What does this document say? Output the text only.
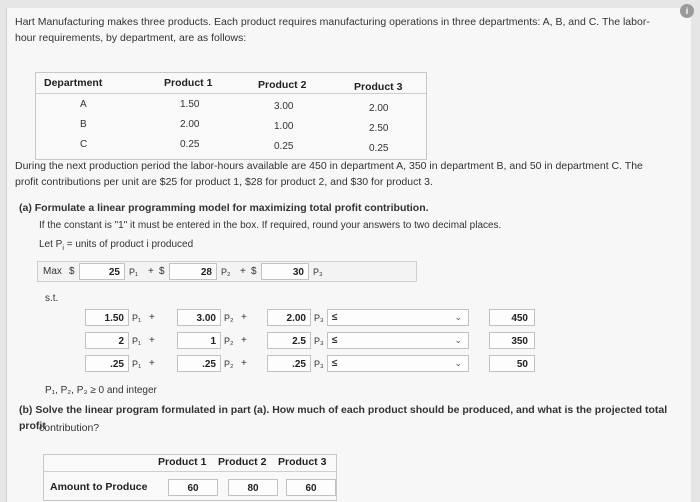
Hart Manufacturing makes three products. Each product requires manufacturing operations in three departments: A, B, and C. The labor-
hour requirements, by department, are as follows:
Department	Product 1	Product 2	Product 3
A	1.50	3.00	2.00
B	2.00	1.00	2.50
C	0.25	0.25	0.25
During the next production period the labor-hours available are 450 in department A, 350 in department B, and 50 in department C. The
profit contributions per unit are $25 for product 1, $28 for product 2, and $30 for product 3.
(a) Formulate a linear programming model for maximizing total profit contribution.
If the constant is "1" it must be entered in the box. If required, round your answers to two decimal places.
Let $P_i$ = units of product i produced
Max $	25	P₁ + $	28	P₂ + $	30	P₃
s.t.
1.50 P₁ +	3.00 P₂ +	2.00 P₃ ≤	⌄	450
2 P₁ +	1 P₂ +	2.5 P₃ ≤	⌄	350
.25 P₁ +	.25 P₂ +	.25 P₃ ≤	⌄	50
P₁, P₂, P₃ ≥ 0 and integer
(b) Solve the linear program formulated in part (a). How much of each product should be produced, and what is the projected total profit
contribution?
Product 1 Product 2 Product 3
Amount to Produce	60	80	60
i
